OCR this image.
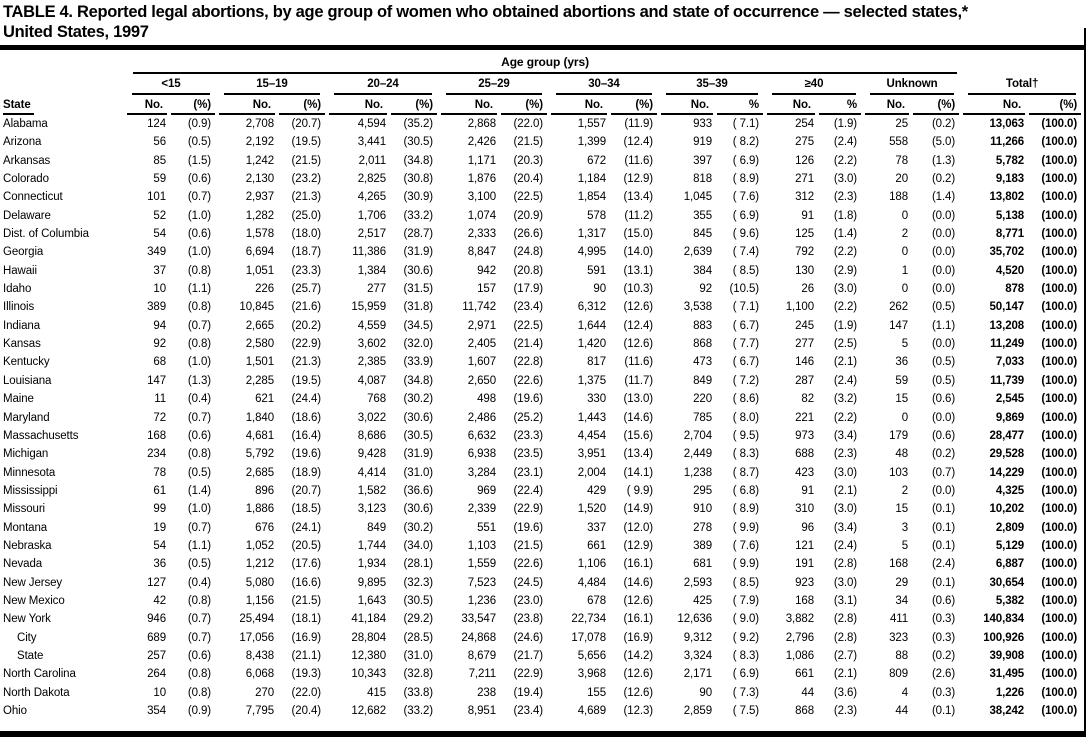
TABLE 4. Reported legal abortions, by age group of women who obtained abortions and state of occurrence — selected states,*
United States, 1997

	Age group (yrs)																	

	<15		15–19		20–24		25–29		30–34		35–39		≥40		Unknown		Total†	

State	No.	(%)	No.	(%)	No.	(%)	No.	(%)	No.	(%)	No.	%	No.	%	No.	(%)	No.	(%)

Alabama	124	(0.9)	2,708	(20.7)	4,594	(35.2)	2,868	(22.0)	1,557	(11.9)	933	( 7.1)	254	(1.9)	25	(0.2)	13,063	(100.0)
Arizona	56	(0.5)	2,192	(19.5)	3,441	(30.5)	2,426	(21.5)	1,399	(12.4)	919	( 8.2)	275	(2.4)	558	(5.0)	11,266	(100.0)
Arkansas	85	(1.5)	1,242	(21.5)	2,011	(34.8)	1,171	(20.3)	672	(11.6)	397	( 6.9)	126	(2.2)	78	(1.3)	5,782	(100.0)
Colorado	59	(0.6)	2,130	(23.2)	2,825	(30.8)	1,876	(20.4)	1,184	(12.9)	818	( 8.9)	271	(3.0)	20	(0.2)	9,183	(100.0)
Connecticut	101	(0.7)	2,937	(21.3)	4,265	(30.9)	3,100	(22.5)	1,854	(13.4)	1,045	( 7.6)	312	(2.3)	188	(1.4)	13,802	(100.0)
Delaware	52	(1.0)	1,282	(25.0)	1,706	(33.2)	1,074	(20.9)	578	(11.2)	355	( 6.9)	91	(1.8)	0	(0.0)	5,138	(100.0)
Dist. of Columbia	54	(0.6)	1,578	(18.0)	2,517	(28.7)	2,333	(26.6)	1,317	(15.0)	845	( 9.6)	125	(1.4)	2	(0.0)	8,771	(100.0)
Georgia	349	(1.0)	6,694	(18.7)	11,386	(31.9)	8,847	(24.8)	4,995	(14.0)	2,639	( 7.4)	792	(2.2)	0	(0.0)	35,702	(100.0)
Hawaii	37	(0.8)	1,051	(23.3)	1,384	(30.6)	942	(20.8)	591	(13.1)	384	( 8.5)	130	(2.9)	1	(0.0)	4,520	(100.0)
Idaho	10	(1.1)	226	(25.7)	277	(31.5)	157	(17.9)	90	(10.3)	92	(10.5)	26	(3.0)	0	(0.0)	878	(100.0)
Illinois	389	(0.8)	10,845	(21.6)	15,959	(31.8)	11,742	(23.4)	6,312	(12.6)	3,538	( 7.1)	1,100	(2.2)	262	(0.5)	50,147	(100.0)
Indiana	94	(0.7)	2,665	(20.2)	4,559	(34.5)	2,971	(22.5)	1,644	(12.4)	883	( 6.7)	245	(1.9)	147	(1.1)	13,208	(100.0)
Kansas	92	(0.8)	2,580	(22.9)	3,602	(32.0)	2,405	(21.4)	1,420	(12.6)	868	( 7.7)	277	(2.5)	5	(0.0)	11,249	(100.0)
Kentucky	68	(1.0)	1,501	(21.3)	2,385	(33.9)	1,607	(22.8)	817	(11.6)	473	( 6.7)	146	(2.1)	36	(0.5)	7,033	(100.0)
Louisiana	147	(1.3)	2,285	(19.5)	4,087	(34.8)	2,650	(22.6)	1,375	(11.7)	849	( 7.2)	287	(2.4)	59	(0.5)	11,739	(100.0)
Maine	11	(0.4)	621	(24.4)	768	(30.2)	498	(19.6)	330	(13.0)	220	( 8.6)	82	(3.2)	15	(0.6)	2,545	(100.0)
Maryland	72	(0.7)	1,840	(18.6)	3,022	(30.6)	2,486	(25.2)	1,443	(14.6)	785	( 8.0)	221	(2.2)	0	(0.0)	9,869	(100.0)
Massachusetts	168	(0.6)	4,681	(16.4)	8,686	(30.5)	6,632	(23.3)	4,454	(15.6)	2,704	( 9.5)	973	(3.4)	179	(0.6)	28,477	(100.0)
Michigan	234	(0.8)	5,792	(19.6)	9,428	(31.9)	6,938	(23.5)	3,951	(13.4)	2,449	( 8.3)	688	(2.3)	48	(0.2)	29,528	(100.0)
Minnesota	78	(0.5)	2,685	(18.9)	4,414	(31.0)	3,284	(23.1)	2,004	(14.1)	1,238	( 8.7)	423	(3.0)	103	(0.7)	14,229	(100.0)
Mississippi	61	(1.4)	896	(20.7)	1,582	(36.6)	969	(22.4)	429	( 9.9)	295	( 6.8)	91	(2.1)	2	(0.0)	4,325	(100.0)
Missouri	99	(1.0)	1,886	(18.5)	3,123	(30.6)	2,339	(22.9)	1,520	(14.9)	910	( 8.9)	310	(3.0)	15	(0.1)	10,202	(100.0)
Montana	19	(0.7)	676	(24.1)	849	(30.2)	551	(19.6)	337	(12.0)	278	( 9.9)	96	(3.4)	3	(0.1)	2,809	(100.0)
Nebraska	54	(1.1)	1,052	(20.5)	1,744	(34.0)	1,103	(21.5)	661	(12.9)	389	( 7.6)	121	(2.4)	5	(0.1)	5,129	(100.0)
Nevada	36	(0.5)	1,212	(17.6)	1,934	(28.1)	1,559	(22.6)	1,106	(16.1)	681	( 9.9)	191	(2.8)	168	(2.4)	6,887	(100.0)
New Jersey	127	(0.4)	5,080	(16.6)	9,895	(32.3)	7,523	(24.5)	4,484	(14.6)	2,593	( 8.5)	923	(3.0)	29	(0.1)	30,654	(100.0)
New Mexico	42	(0.8)	1,156	(21.5)	1,643	(30.5)	1,236	(23.0)	678	(12.6)	425	( 7.9)	168	(3.1)	34	(0.6)	5,382	(100.0)
New York	946	(0.7)	25,494	(18.1)	41,184	(29.2)	33,547	(23.8)	22,734	(16.1)	12,636	( 9.0)	3,882	(2.8)	411	(0.3)	140,834	(100.0)
City	689	(0.7)	17,056	(16.9)	28,804	(28.5)	24,868	(24.6)	17,078	(16.9)	9,312	( 9.2)	2,796	(2.8)	323	(0.3)	100,926	(100.0)
State	257	(0.6)	8,438	(21.1)	12,380	(31.0)	8,679	(21.7)	5,656	(14.2)	3,324	( 8.3)	1,086	(2.7)	88	(0.2)	39,908	(100.0)
North Carolina	264	(0.8)	6,068	(19.3)	10,343	(32.8)	7,211	(22.9)	3,968	(12.6)	2,171	( 6.9)	661	(2.1)	809	(2.6)	31,495	(100.0)
North Dakota	10	(0.8)	270	(22.0)	415	(33.8)	238	(19.4)	155	(12.6)	90	( 7.3)	44	(3.6)	4	(0.3)	1,226	(100.0)
Ohio	354	(0.9)	7,795	(20.4)	12,682	(33.2)	8,951	(23.4)	4,689	(12.3)	2,859	( 7.5)	868	(2.3)	44	(0.1)	38,242	(100.0)
